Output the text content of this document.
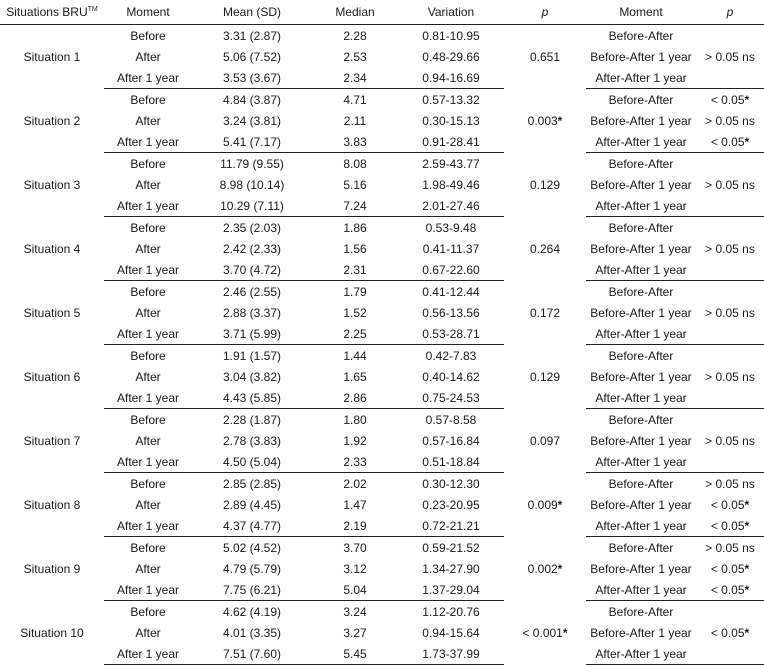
Situations BRU™	Moment	Mean (SD)	Median	Variation	p	Moment	p
Situation 1	Before	3.31 (2.87)	2.28	0.81-10.95	0.651	Before-After	
	After	5.06 (7.52)	2.53	0.48-29.66		Before-After 1 year	> 0.05 ns
	After 1 year	3.53 (3.67)	2.34	0.94-16.69		After-After 1 year	
Situation 2	Before	4.84 (3.87)	4.71	0.57-13.32	0.003*	Before-After	< 0.05*
	After	3.24 (3.81)	2.11	0.30-15.13		Before-After 1 year	> 0.05 ns
	After 1 year	5.41 (7.17)	3.83	0.91-28.41		After-After 1 year	< 0.05*
Situation 3	Before	11.79 (9.55)	8.08	2.59-43.77	0.129	Before-After	
	After	8.98 (10.14)	5.16	1.98-49.46		Before-After 1 year	> 0.05 ns
	After 1 year	10.29 (7.11)	7.24	2.01-27.46		After-After 1 year	
Situation 4	Before	2.35 (2.03)	1.86	0.53-9.48	0.264	Before-After	
	After	2.42 (2.33)	1.56	0.41-11.37		Before-After 1 year	> 0.05 ns
	After 1 year	3.70 (4.72)	2.31	0.67-22.60		After-After 1 year	
Situation 5	Before	2.46 (2.55)	1.79	0.41-12.44	0.172	Before-After	
	After	2.88 (3.37)	1.52	0.56-13.56		Before-After 1 year	> 0.05 ns
	After 1 year	3.71 (5.99)	2.25	0.53-28.71		After-After 1 year	
Situation 6	Before	1.91 (1.57)	1.44	0.42-7.83	0.129	Before-After	
	After	3.04 (3.82)	1.65	0.40-14.62		Before-After 1 year	> 0.05 ns
	After 1 year	4.43 (5.85)	2.86	0.75-24.53		After-After 1 year	
Situation 7	Before	2.28 (1.87)	1.80	0.57-8.58	0.097	Before-After	
	After	2.78 (3.83)	1.92	0.57-16.84		Before-After 1 year	> 0.05 ns
	After 1 year	4.50 (5.04)	2.33	0.51-18.84		After-After 1 year	
Situation 8	Before	2.85 (2.85)	2.02	0.30-12.30	0.009*	Before-After	> 0.05 ns
	After	2.89 (4.45)	1.47	0.23-20.95		Before-After 1 year	< 0.05*
	After 1 year	4.37 (4.77)	2.19	0.72-21.21		After-After 1 year	< 0.05*
Situation 9	Before	5.02 (4.52)	3.70	0.59-21.52	0.002*	Before-After	> 0.05 ns
	After	4.79 (5.79)	3.12	1.34-27.90		Before-After 1 year	< 0.05*
	After 1 year	7.75 (6.21)	5.04	1.37-29.04		After-After 1 year	< 0.05*
Situation 10	Before	4.62 (4.19)	3.24	1.12-20.76	< 0.001*	Before-After	
	After	4.01 (3.35)	3.27	0.94-15.64		Before-After 1 year	< 0.05*
	After 1 year	7.51 (7.60)	5.45	1.73-37.99		After-After 1 year	
